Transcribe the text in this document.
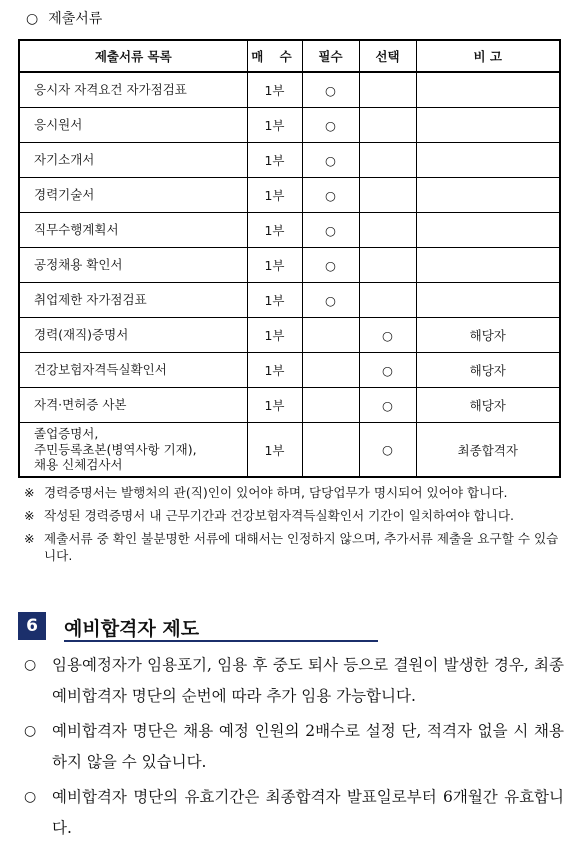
○ 제출서류
제출서류 목록	매 수	필수	선택	비 고
응시자 자격요건 자가점검표	1부	○		
응시원서	1부	○		
자기소개서	1부	○		
경력기술서	1부	○		
직무수행계획서	1부	○		
공정채용 확인서	1부	○		
취업제한 자가점검표	1부	○		
경력(재직)증명서	1부		○	해당자
건강보험자격득실확인서	1부		○	해당자
자격·면허증 사본	1부		○	해당자

졸업증명서,
주민등록초본(병역사항 기재),
채용 신체검사서	1부		○	최종합격자
※ 경력증명서는 발행처의 관(직)인이 있어야 하며, 담당업무가 명시되어 있어야 합니다.
※ 작성된 경력증명서 내 근무기간과 건강보험자격득실확인서 기간이 일치하여야 합니다.
※ 제출서류 중 확인 불분명한 서류에 대해서는 인정하지 않으며, 추가서류 제출을 요구할 수 있습니다.
6	예비합격자 제도
○ 임용예정자가 임용포기, 임용 후 중도 퇴사 등으로 결원이 발생한 경우, 최종 예비합격자 명단의 순번에 따라 추가 임용 가능합니다.
○ 예비합격자 명단은 채용 예정 인원의 2배수로 설정 단, 적격자 없을 시 채용하지 않을 수 있습니다.
○ 예비합격자 명단의 유효기간은 최종합격자 발표일로부터 6개월간 유효합니다.
